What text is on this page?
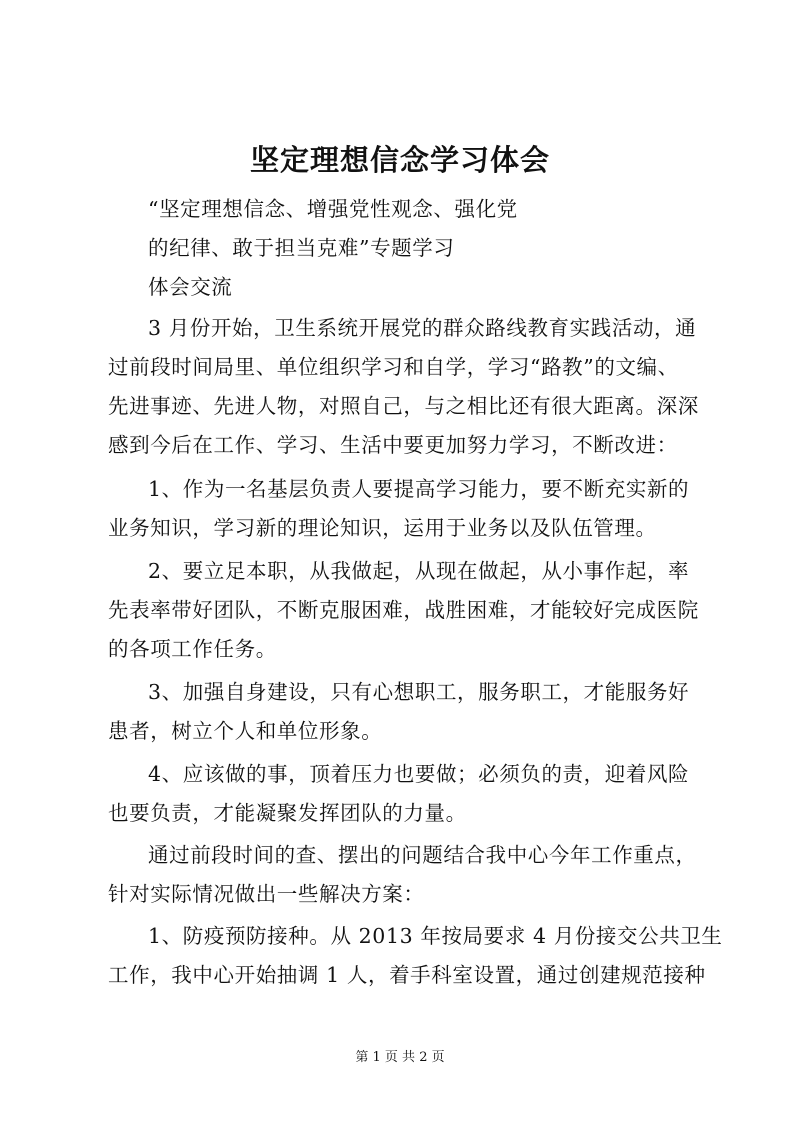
坚定理想信念学习体会
“坚定理想信念、增强党性观念、强化党
的纪律、敢于担当克难”专题学习
体会交流
3 月份开始，卫生系统开展党的群众路线教育实践活动，通
过前段时间局里、单位组织学习和自学，学习“路教”的文编、
先进事迹、先进人物，对照自己，与之相比还有很大距离。深深
感到今后在工作、学习、生活中要更加努力学习，不断改进：
1、作为一名基层负责人要提高学习能力，要不断充实新的
业务知识，学习新的理论知识，运用于业务以及队伍管理。
2、要立足本职，从我做起，从现在做起，从小事作起，率
先表率带好团队，不断克服困难，战胜困难，才能较好完成医院
的各项工作任务。
3、加强自身建设，只有心想职工，服务职工，才能服务好
患者，树立个人和单位形象。
4、应该做的事，顶着压力也要做；必须负的责，迎着风险
也要负责，才能凝聚发挥团队的力量。
通过前段时间的查、摆出的问题结合我中心今年工作重点，
针对实际情况做出一些解决方案：
1、防疫预防接种。从 2013 年按局要求 4 月份接交公共卫生
工作，我中心开始抽调 1 人，着手科室设置，通过创建规范接种
第 1 页 共 2 页
